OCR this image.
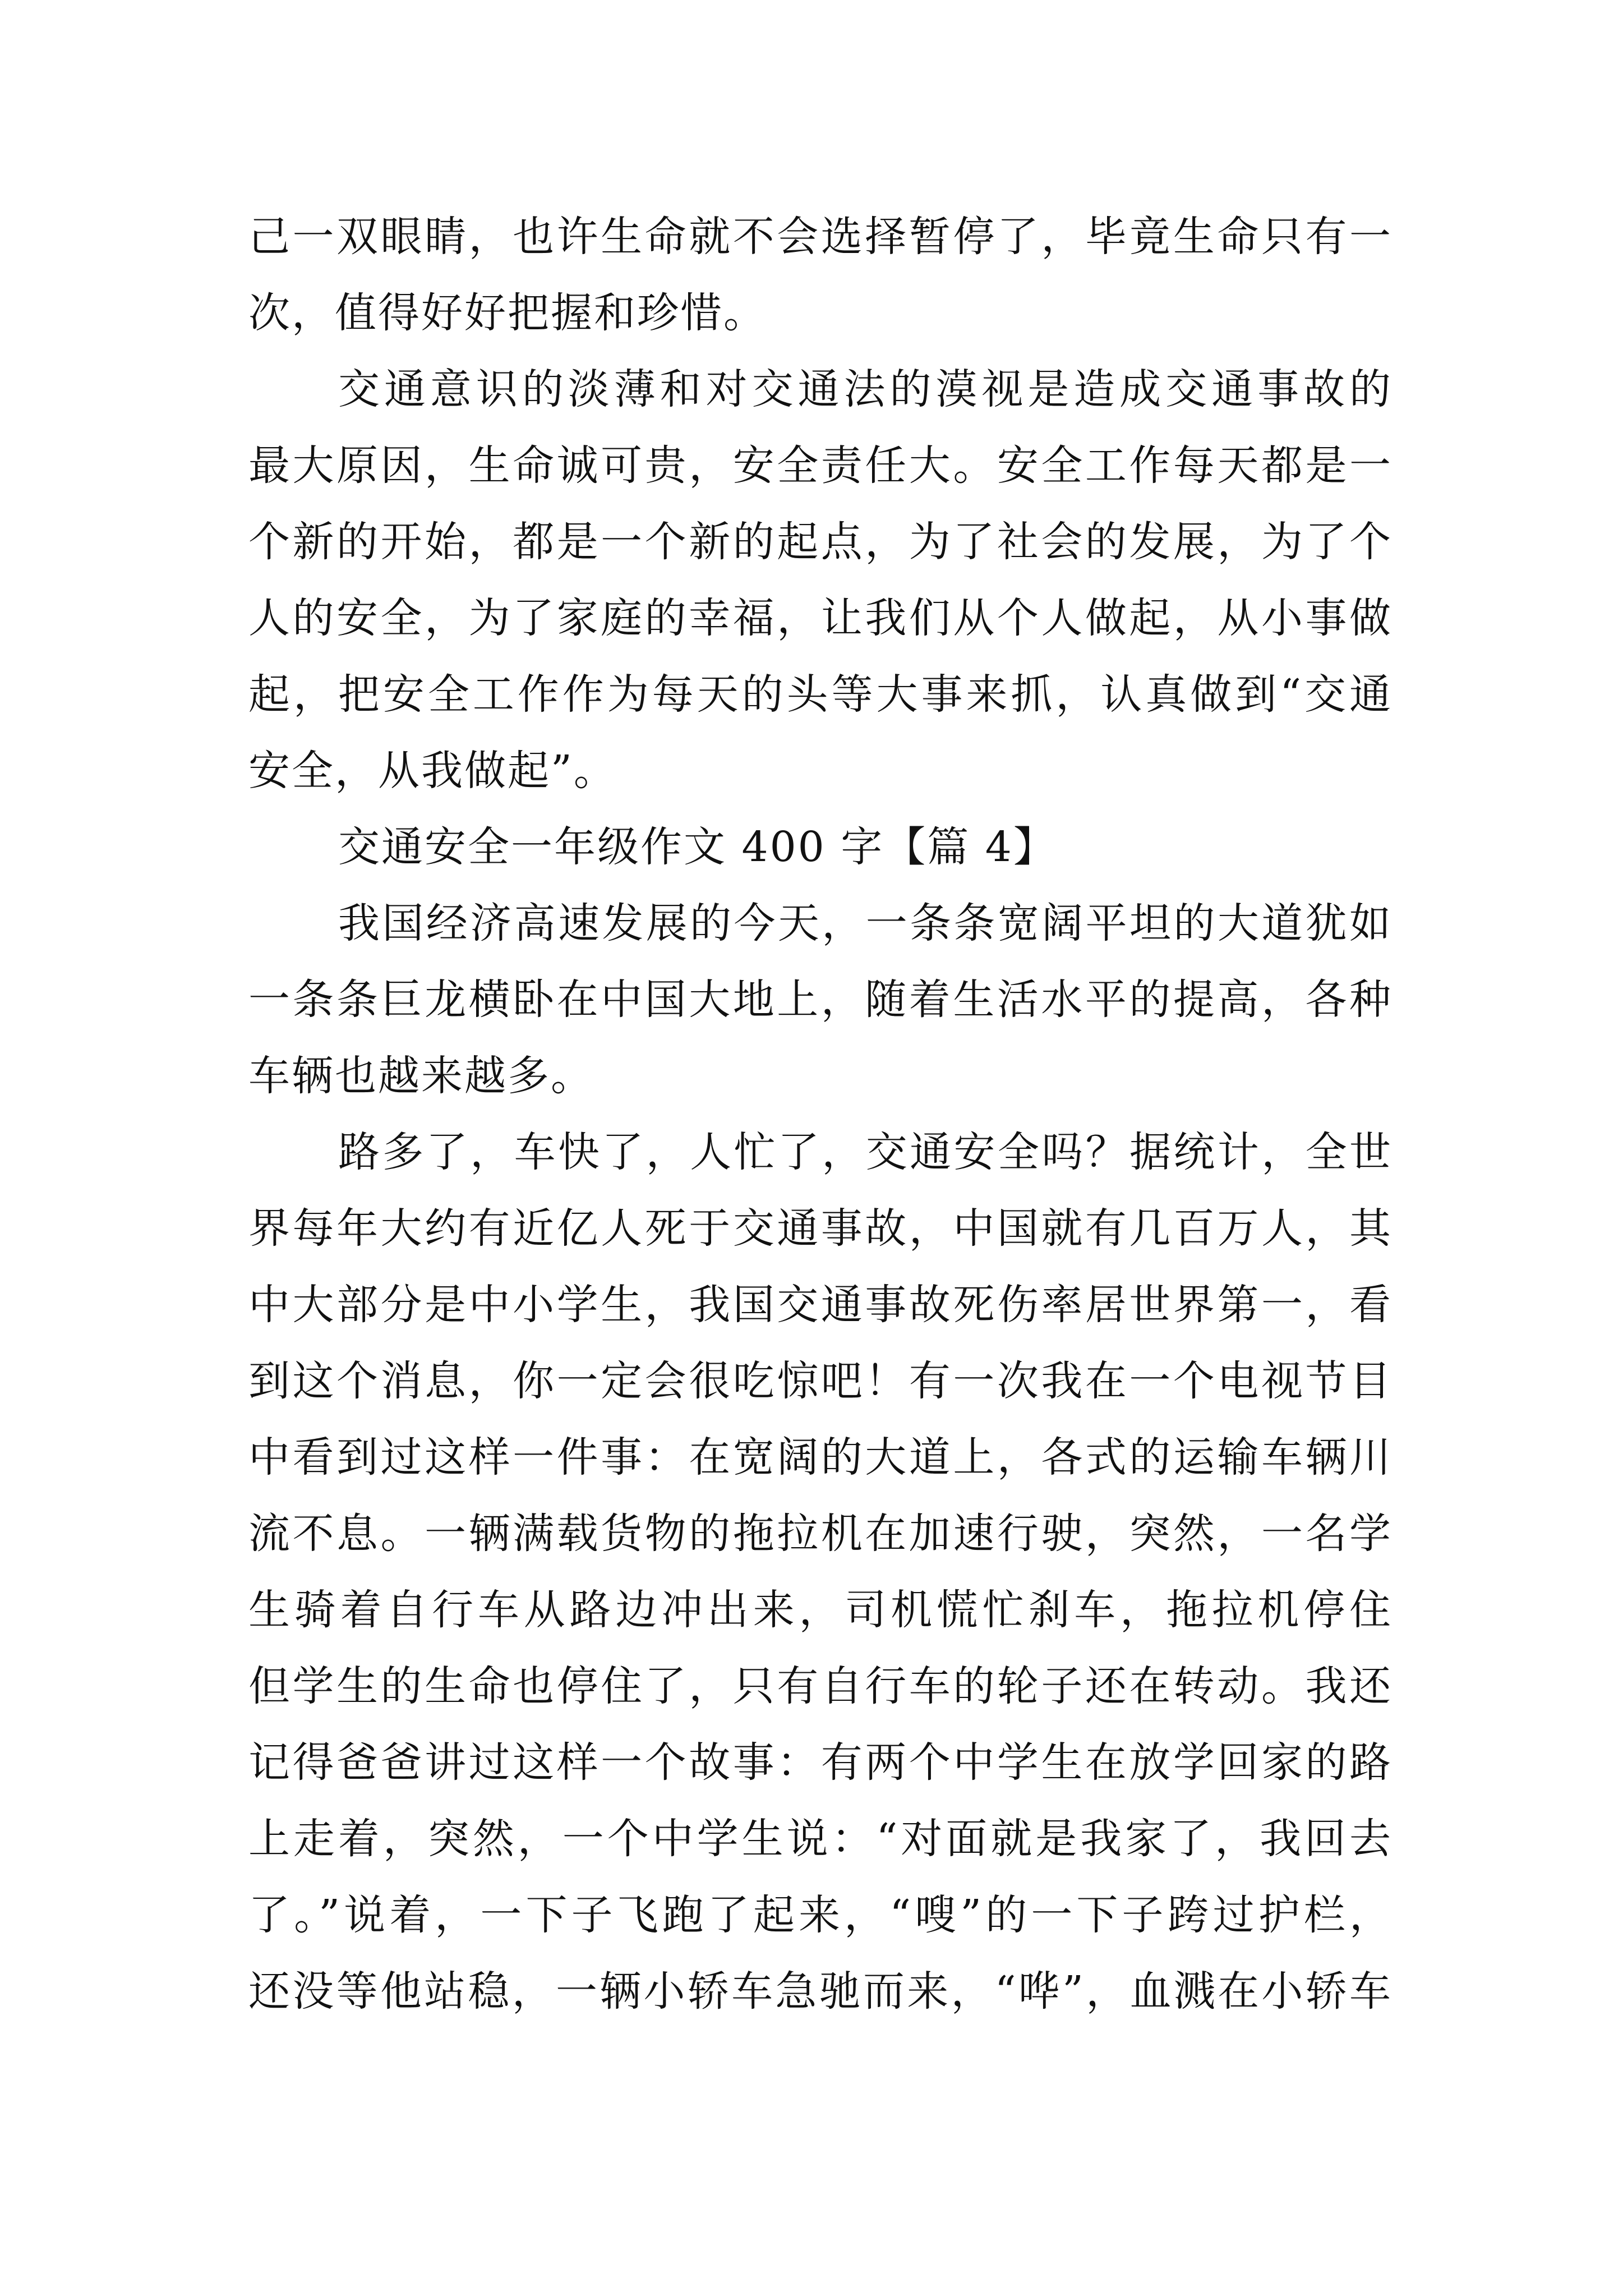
己一双眼睛，也许生命就不会选择暂停了，毕竟生命只有一
次，值得好好把握和珍惜。
交通意识的淡薄和对交通法的漠视是造成交通事故的
最大原因，生命诚可贵，安全责任大。安全工作每天都是一
个新的开始，都是一个新的起点，为了社会的发展，为了个
人的安全，为了家庭的幸福，让我们从个人做起，从小事做
起，把安全工作作为每天的头等大事来抓，认真做到“交通
安全，从我做起”。
交通安全一年级作文 400 字【篇 4】
我国经济高速发展的今天，一条条宽阔平坦的大道犹如
一条条巨龙横卧在中国大地上，随着生活水平的提高，各种
车辆也越来越多。
路多了，车快了，人忙了，交通安全吗？据统计，全世
界每年大约有近亿人死于交通事故，中国就有几百万人，其
中大部分是中小学生，我国交通事故死伤率居世界第一，看
到这个消息，你一定会很吃惊吧！有一次我在一个电视节目
中看到过这样一件事：在宽阔的大道上，各式的运输车辆川
流不息。一辆满载货物的拖拉机在加速行驶，突然，一名学
生骑着自行车从路边冲出来，司机慌忙刹车，拖拉机停住
但学生的生命也停住了，只有自行车的轮子还在转动。我还
记得爸爸讲过这样一个故事：有两个中学生在放学回家的路
上走着，突然，一个中学生说：“对面就是我家了，我回去
了。”说着，一下子飞跑了起来，“嗖”的一下子跨过护栏，
还没等他站稳，一辆小轿车急驰而来，“哗”，血溅在小轿车
